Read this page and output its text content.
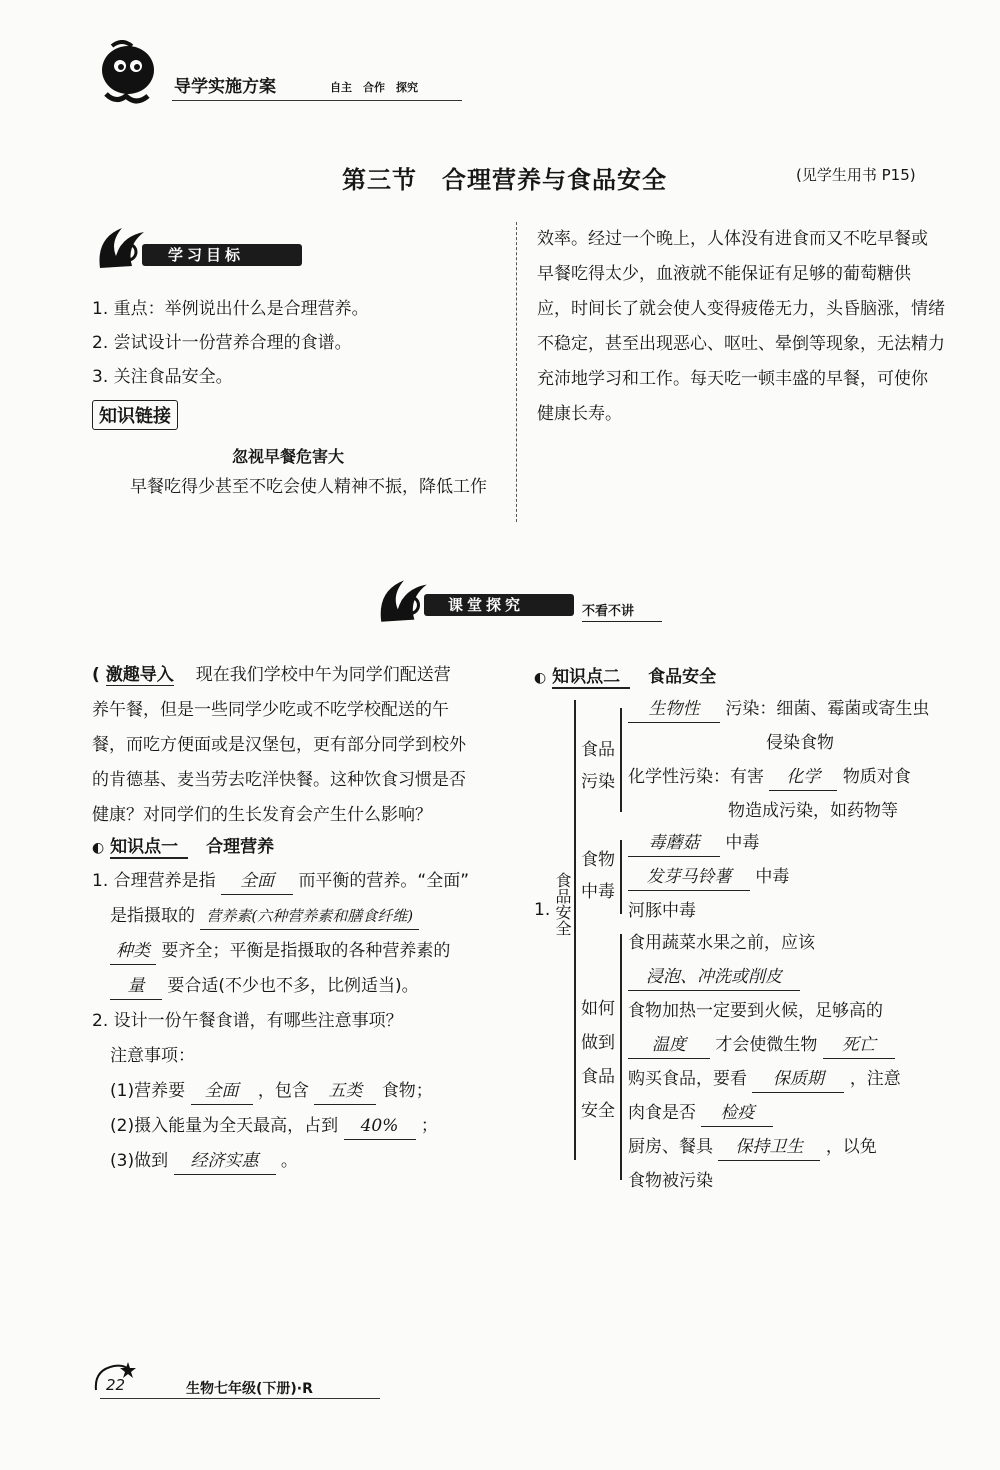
导学实施方案	自主　合作　探究
第三节　合理营养与食品安全	(见学生用书 P15)
学习目标
1. 重点：举例说出什么是合理营养。
2. 尝试设计一份营养合理的食谱。
3. 关注食品安全。
知识链接
忽视早餐危害大
早餐吃得少甚至不吃会使人精神不振，降低工作
效率。经过一个晚上，人体没有进食而又不吃早餐或
早餐吃得太少，血液就不能保证有足够的葡萄糖供
应，时间长了就会使人变得疲倦无力，头昏脑涨，情绪
不稳定，甚至出现恶心、呕吐、晕倒等现象，无法精力
充沛地学习和工作。每天吃一顿丰盛的早餐，可使你
健康长寿。
课堂探究	不看不讲
( 激趣导入 现在我们学校中午为同学们配送营
养午餐，但是一些同学少吃或不吃学校配送的午
餐，而吃方便面或是汉堡包，更有部分同学到校外
的肯德基、麦当劳去吃洋快餐。这种饮食习惯是否
健康？对同学们的生长发育会产生什么影响？
◐ 知识点一 合理营养
1. 合理营养是指 全面 而平衡的营养。“全面”
是指摄取的 营养素(六种营养素和膳食纤维)
种类 要齐全；平衡是指摄取的各种营养素的
量 要合适(不少也不多，比例适当)。
2. 设计一份午餐食谱，有哪些注意事项？
注意事项：
(1)营养要 全面 ，包含 五类 食物；
(2)摄入能量为全天最高，占到 40% ；
(3)做到 经济实惠 。
◐ 知识点二 食品安全
1. 食品安全
食品
污染
生物性 污染：细菌、霉菌或寄生虫
侵染食物
化学性污染：有害 化学 物质对食
物造成污染，如药物等
食物
中毒
毒蘑菇 中毒
发芽马铃薯 中毒
河豚中毒
如何
做到
食品
安全
食用蔬菜水果之前，应该
浸泡、冲洗或削皮
食物加热一定要到火候，足够高的
温度 才会使微生物 死亡
购买食品，要看 保质期 ，注意
肉食是否 检疫
厨房、餐具 保持卫生 ，以免
食物被污染
22	生物七年级(下册)·R
